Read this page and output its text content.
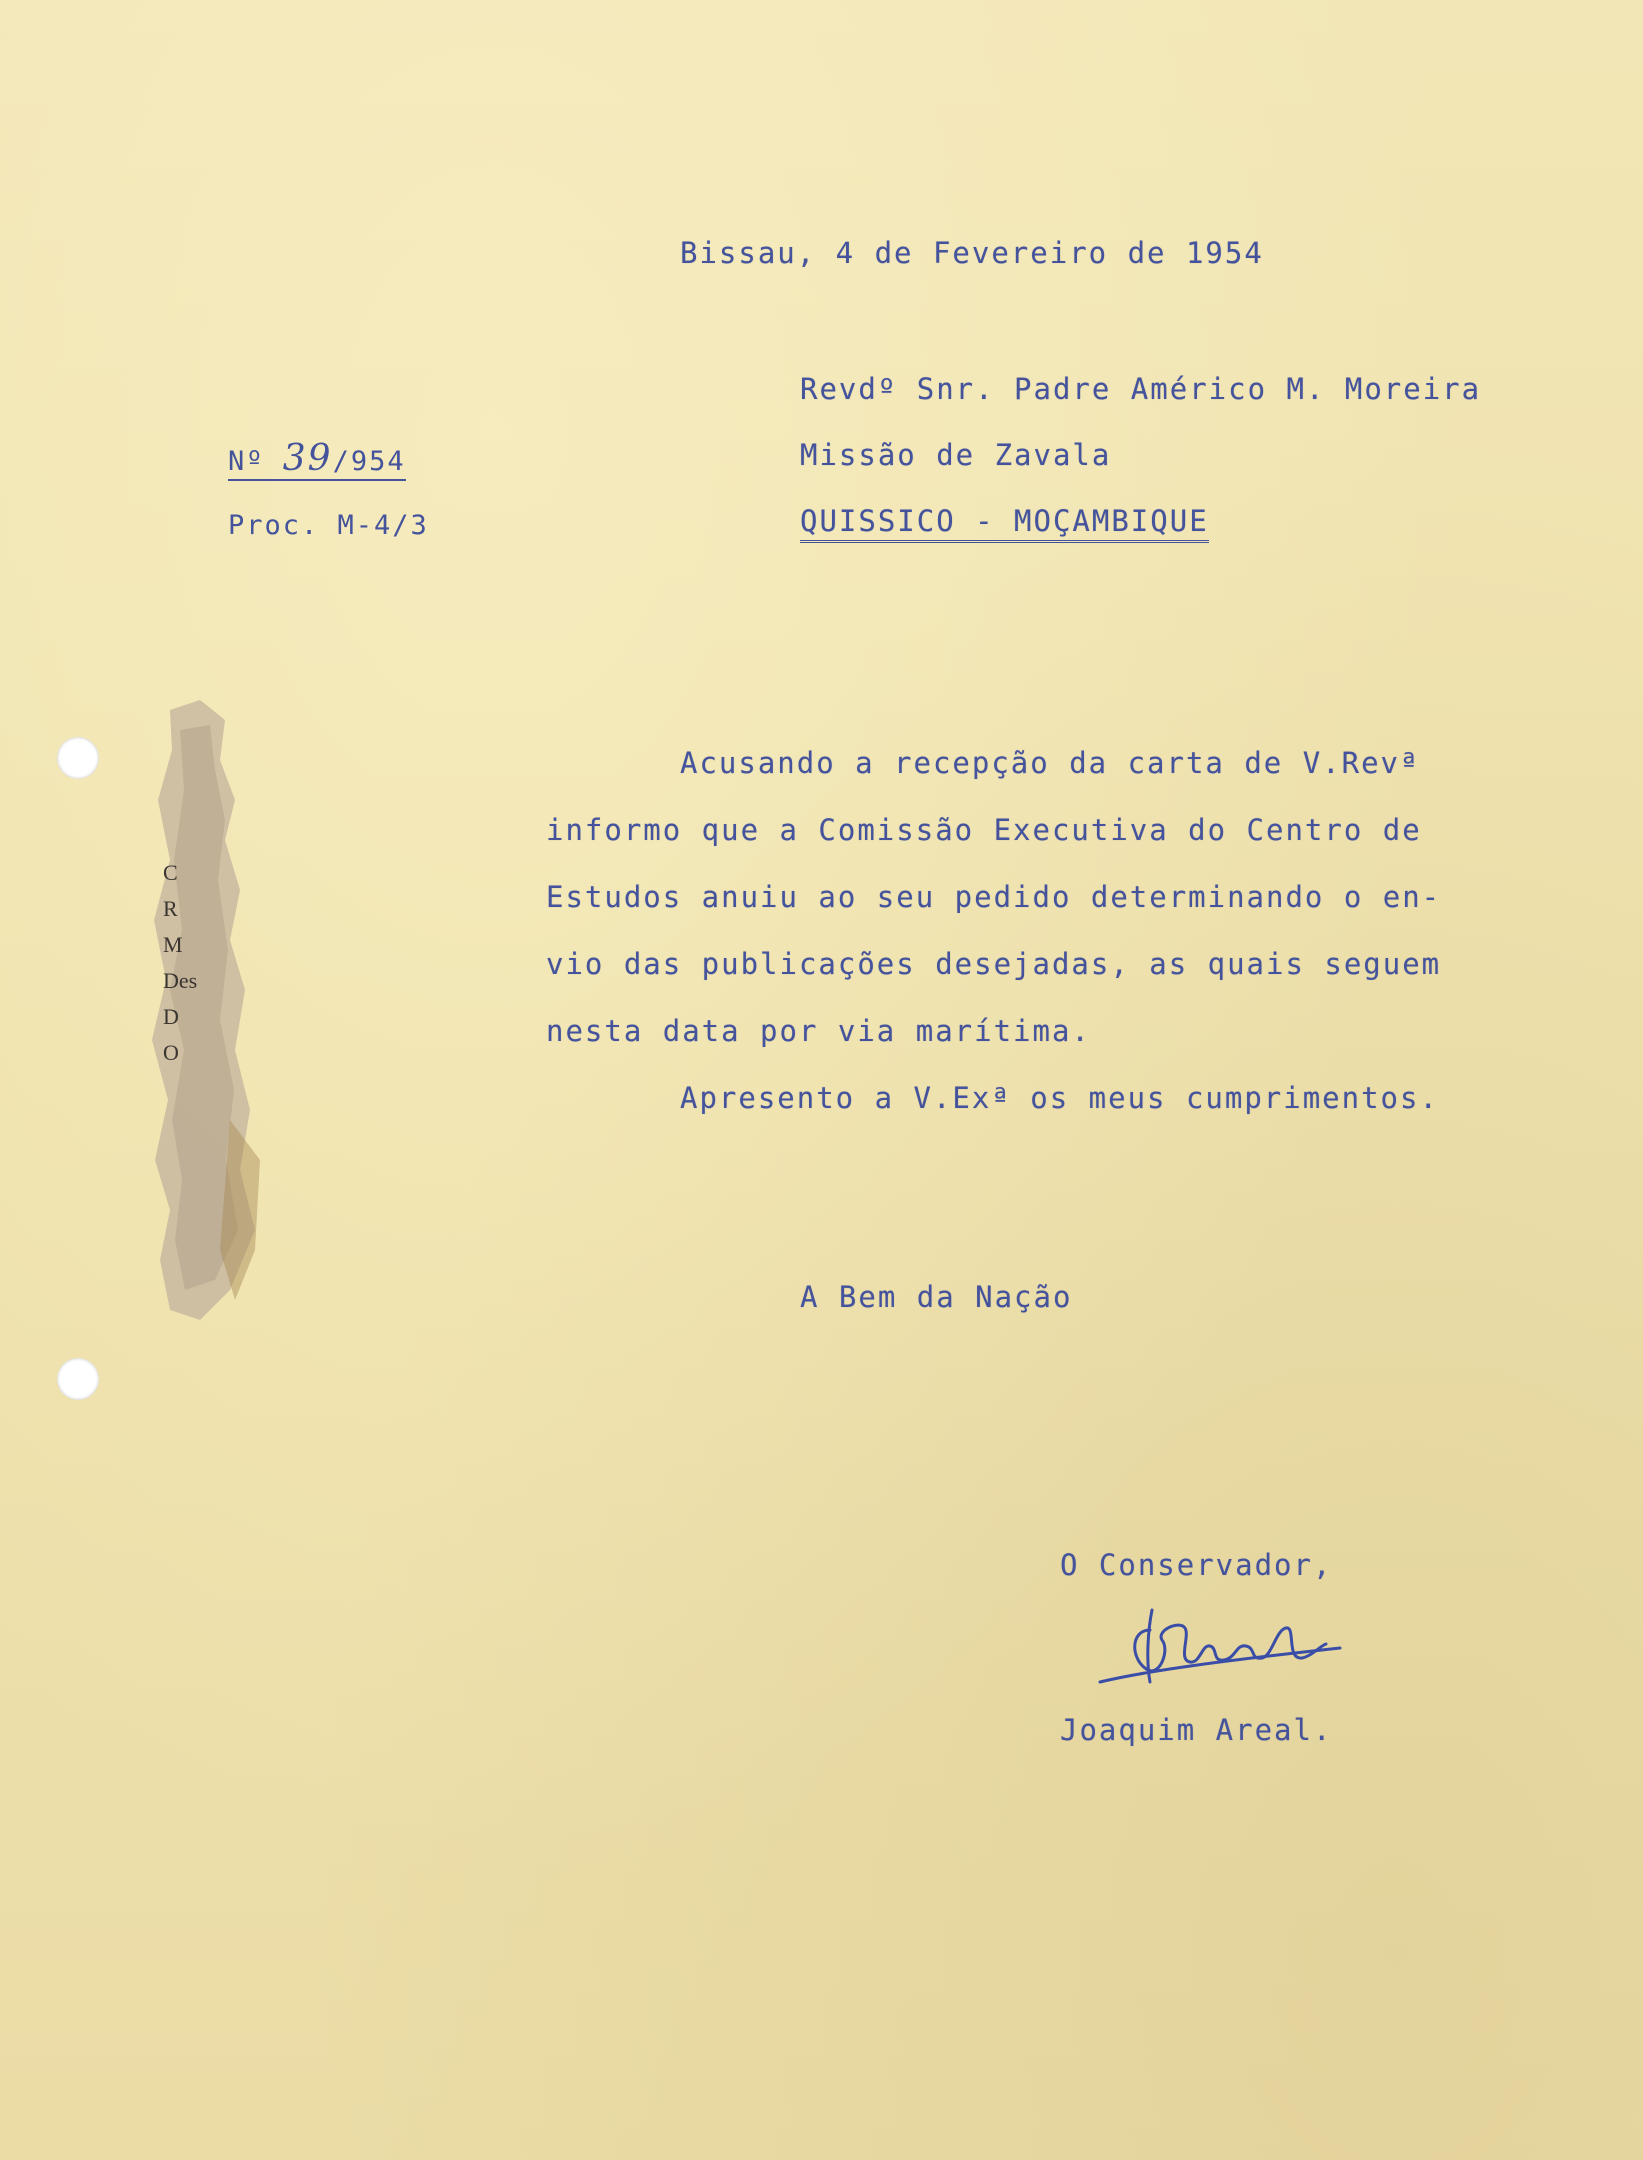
C
R
M
Des
D
O
Bissau, 4 de Fevereiro de 1954
Nº 39/954
Proc. M-4/3
Revdº Snr. Padre Américo M. Moreira
Missão de Zavala
QUISSICO - MOÇAMBIQUE
Acusando a recepção da carta de V.Revª
informo que a Comissão Executiva do Centro de
Estudos anuiu ao seu pedido determinando o en-
vio das publicações desejadas, as quais seguem
nesta data por via marítima.
Apresento a V.Exª os meus cumprimentos.
A Bem da Nação
O Conservador,
Joaquim Areal.
